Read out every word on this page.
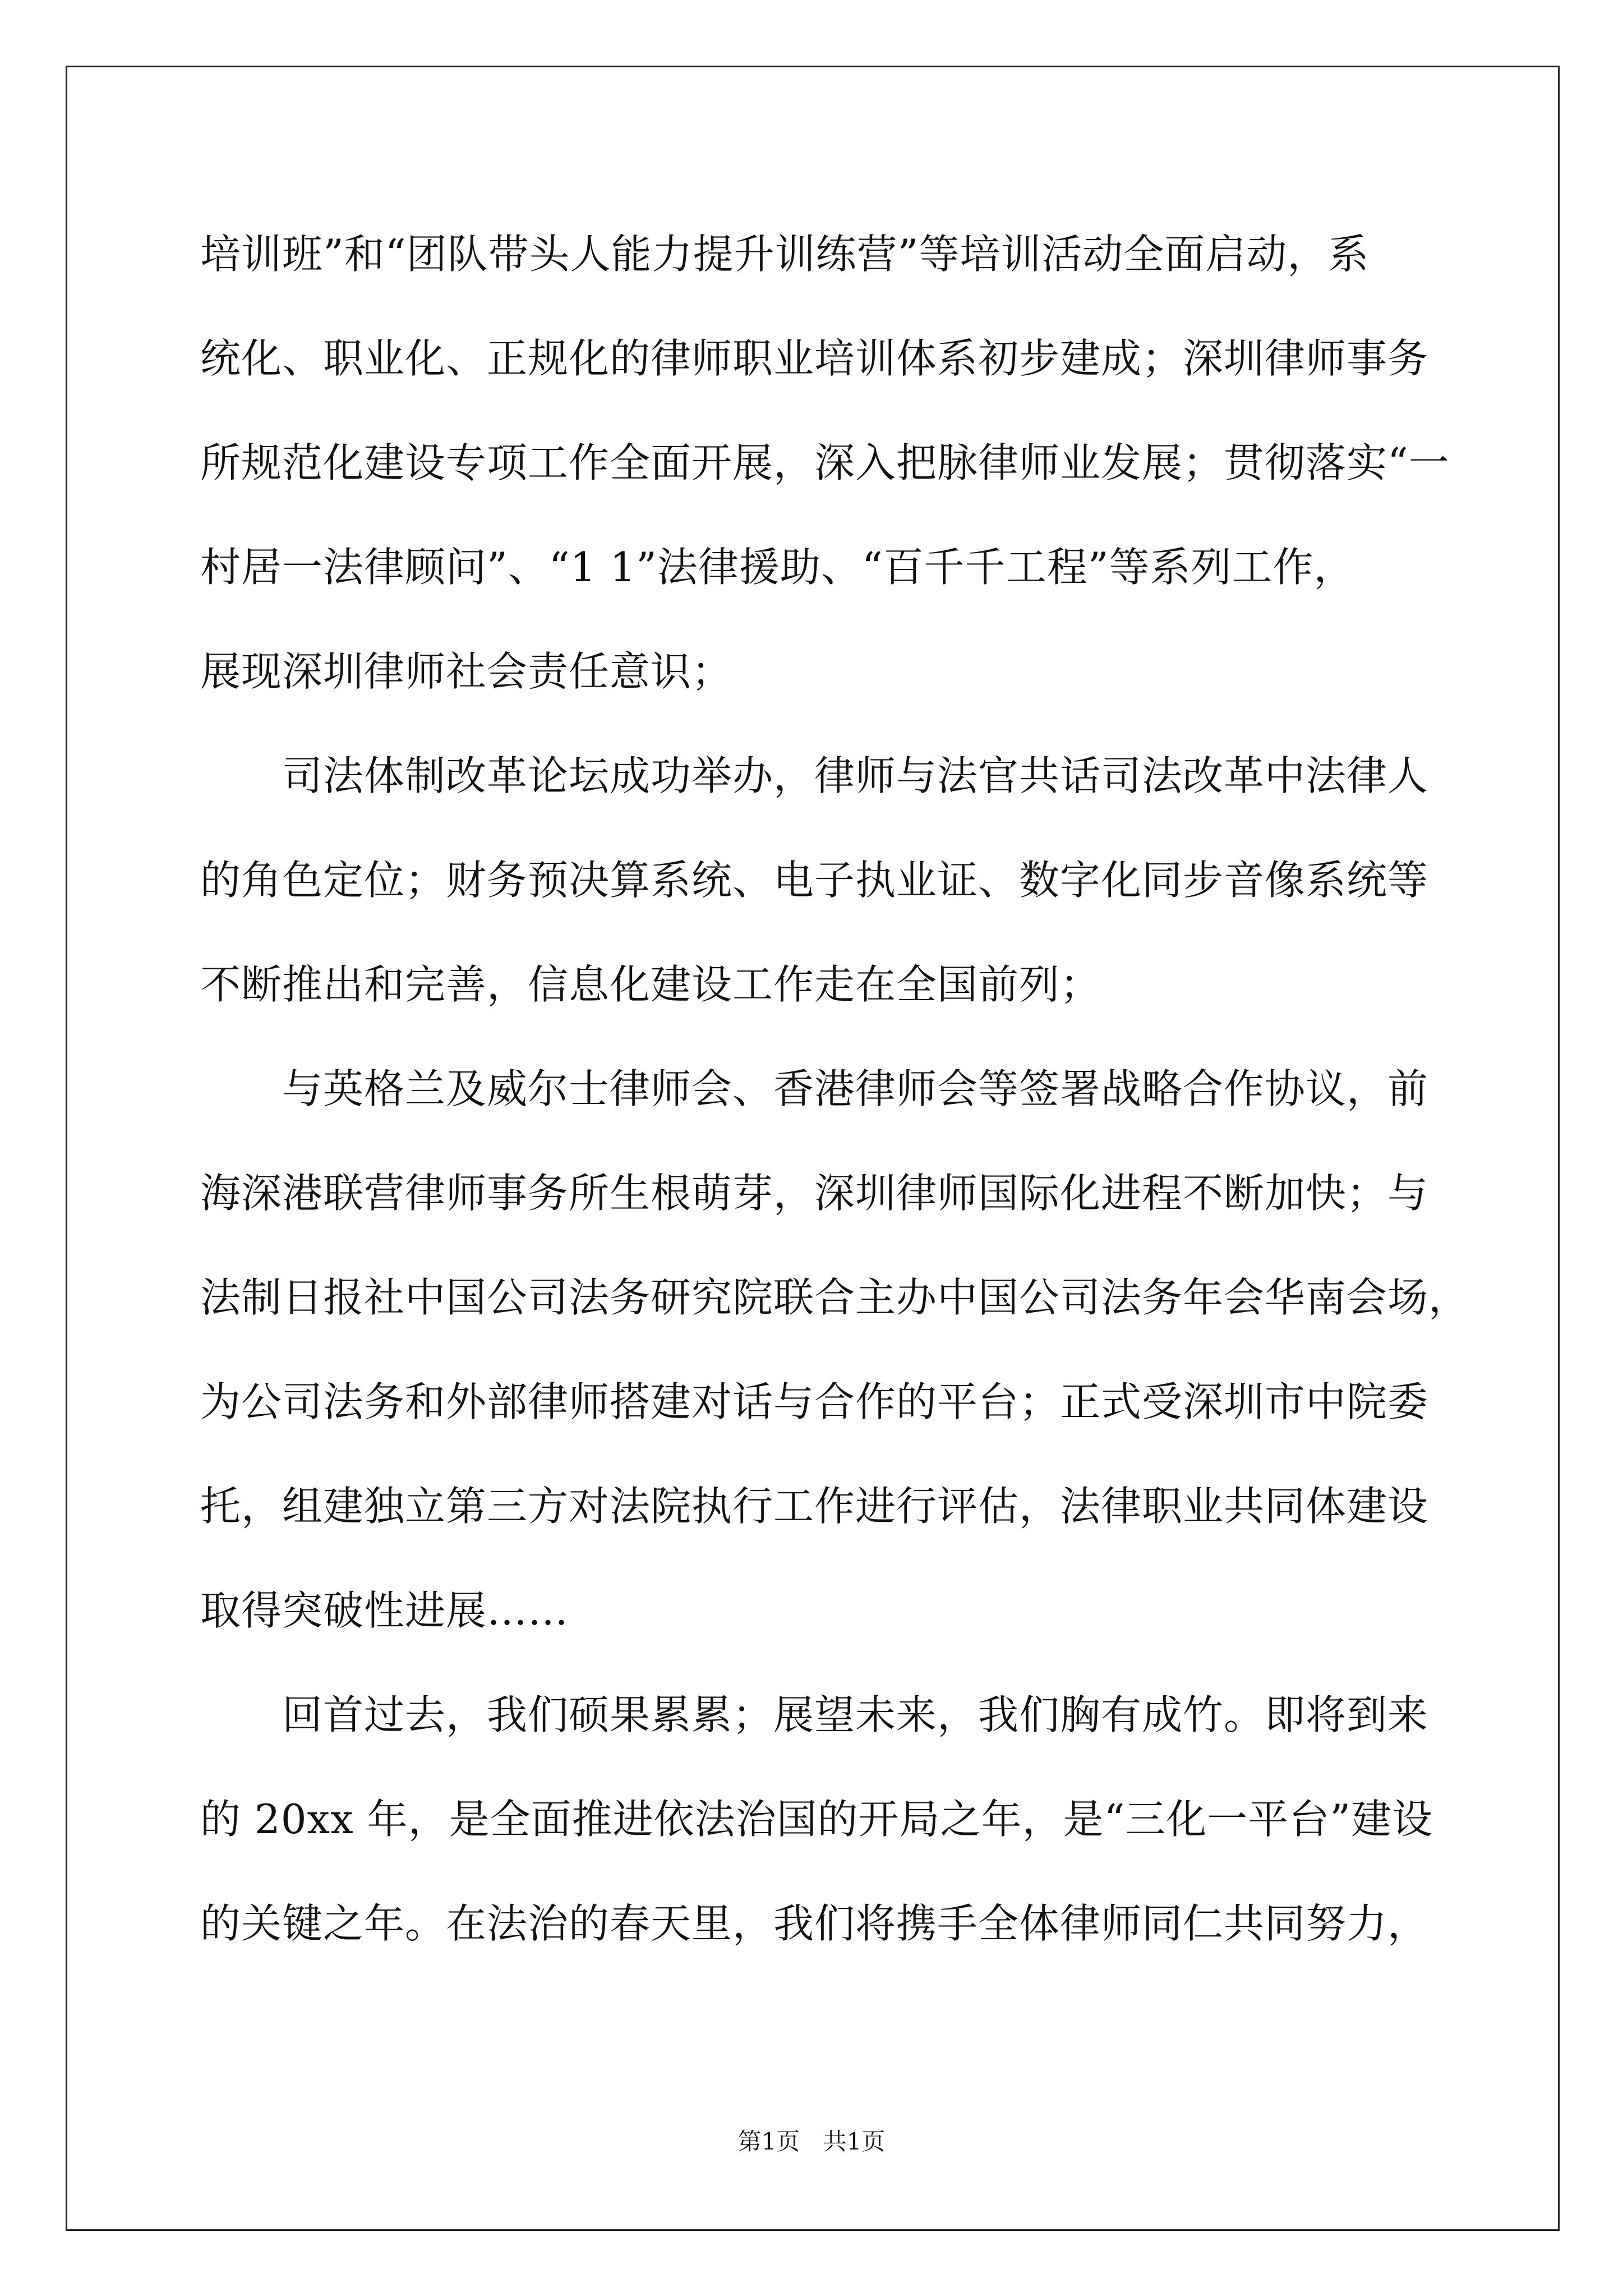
培训班”和“团队带头人能力提升训练营”等培训活动全面启动，系
统化、职业化、正规化的律师职业培训体系初步建成；深圳律师事务
所规范化建设专项工作全面开展，深入把脉律师业发展；贯彻落实“一
村居一法律顾问”、“1 1”法律援助、“百千千工程”等系列工作，
展现深圳律师社会责任意识；
　　司法体制改革论坛成功举办，律师与法官共话司法改革中法律人
的角色定位；财务预决算系统、电子执业证、数字化同步音像系统等
不断推出和完善，信息化建设工作走在全国前列；
　　与英格兰及威尔士律师会、香港律师会等签署战略合作协议，前
海深港联营律师事务所生根萌芽，深圳律师国际化进程不断加快；与
法制日报社中国公司法务研究院联合主办中国公司法务年会华南会场，
为公司法务和外部律师搭建对话与合作的平台；正式受深圳市中院委
托，组建独立第三方对法院执行工作进行评估，法律职业共同体建设
取得突破性进展……
　　回首过去，我们硕果累累；展望未来，我们胸有成竹。即将到来
的 20xx 年，是全面推进依法治国的开局之年，是“三化一平台”建设
的关键之年。在法治的春天里，我们将携手全体律师同仁共同努力，
第1页 共1页
